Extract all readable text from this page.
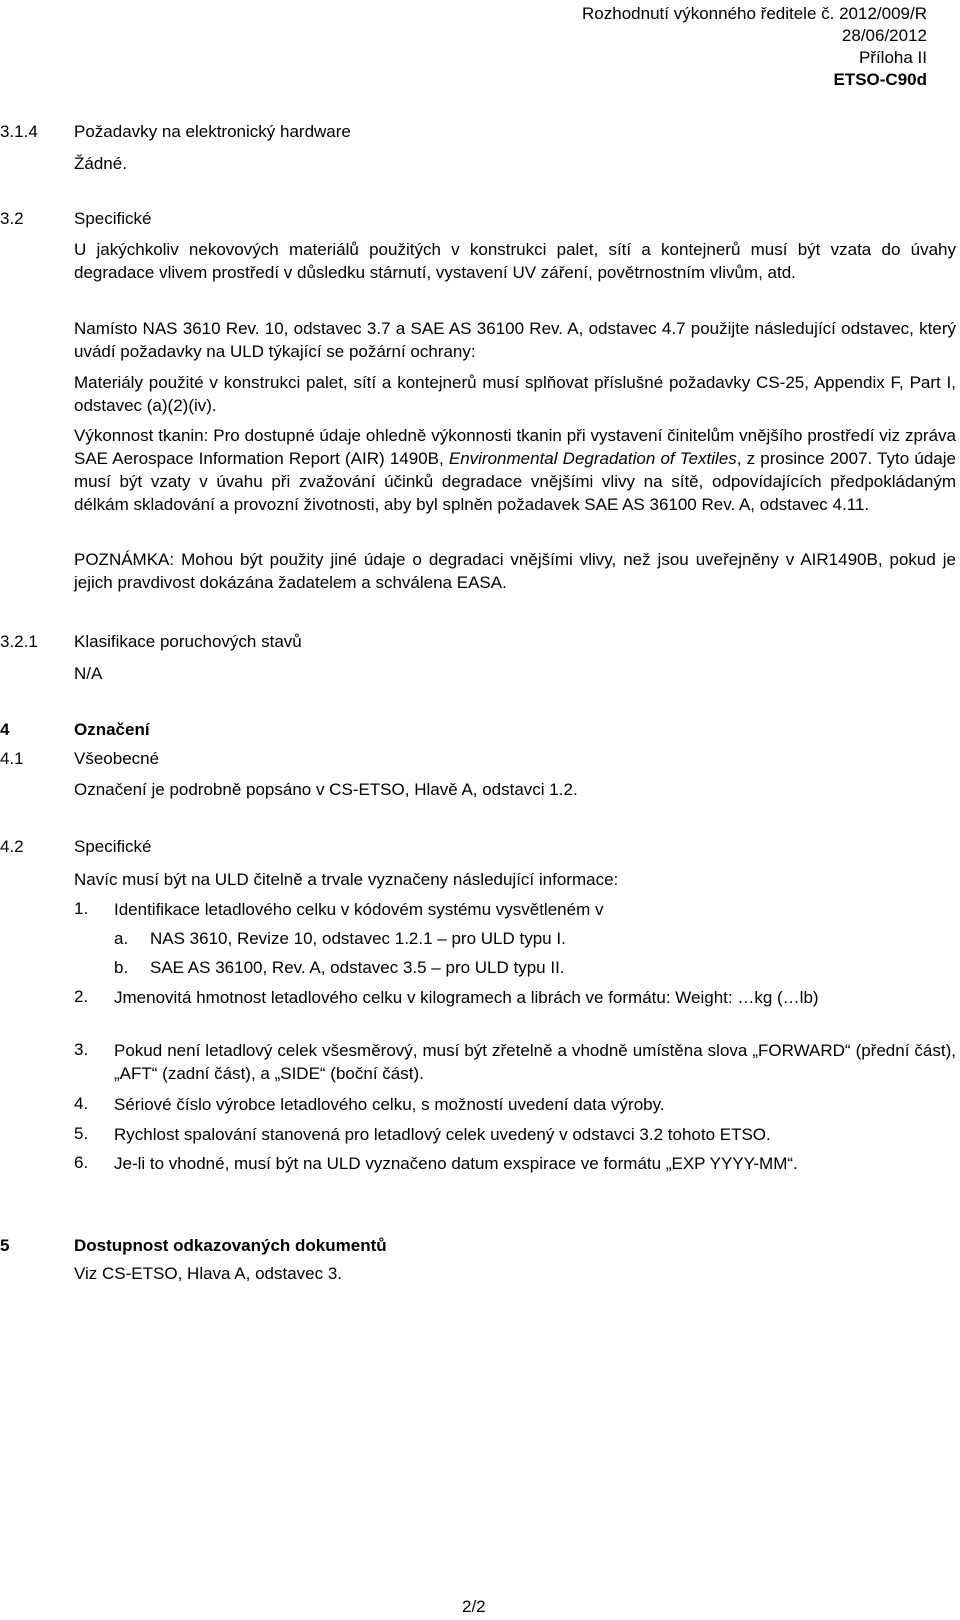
Rozhodnutí výkonného ředitele č. 2012/009/R
28/06/2012
Příloha II
ETSO-C90d
3.1.4 Požadavky na elektronický hardware
Žádné.
3.2	Specifické
U jakýchkoliv nekovových materiálů použitých v konstrukci palet, sítí a kontejnerů musí být vzata do úvahy degradace vlivem prostředí v důsledku stárnutí, vystavení UV záření, povětrnostním vlivům, atd.
Namísto NAS 3610 Rev. 10, odstavec 3.7 a SAE AS 36100 Rev. A, odstavec 4.7 použijte následující odstavec, který uvádí požadavky na ULD týkající se požární ochrany:
Materiály použité v konstrukci palet, sítí a kontejnerů musí splňovat příslušné požadavky CS-25, Appendix F, Part I, odstavec (a)(2)(iv).
Výkonnost tkanin: Pro dostupné údaje ohledně výkonnosti tkanin při vystavení činitelům vnějšího prostředí viz zpráva SAE Aerospace Information Report (AIR) 1490B, Environmental Degradation of Textiles, z prosince 2007. Tyto údaje musí být vzaty v úvahu při zvažování účinků degradace vnějšími vlivy na sítě, odpovídajících předpokládaným délkám skladování a provozní životnosti, aby byl splněn požadavek SAE AS 36100 Rev. A, odstavec 4.11.
POZNÁMKA: Mohou být použity jiné údaje o degradaci vnějšími vlivy, než jsou uveřejněny v AIR1490B, pokud je jejich pravdivost dokázána žadatelem a schválena EASA.
3.2.1 Klasifikace poruchových stavů
N/A
4	Označení
4.1	Všeobecné
Označení je podrobně popsáno v CS-ETSO, Hlavě A, odstavci 1.2.
4.2	Specifické
Navíc musí být na ULD čitelně a trvale vyznačeny následující informace:
1. Identifikace letadlového celku v kódovém systému vysvětleném v
a. NAS 3610, Revize 10, odstavec 1.2.1 – pro ULD typu I.
b. SAE AS 36100, Rev. A, odstavec 3.5 – pro ULD typu II.
2. Jmenovitá hmotnost letadlového celku v kilogramech a librách ve formátu: Weight: …kg (…lb)
3. Pokud není letadlový celek všesměrový, musí být zřetelně a vhodně umístěna slova „FORWARD“ (přední část), „AFT“ (zadní část), a „SIDE“ (boční část).
4. Sériové číslo výrobce letadlového celku, s možností uvedení data výroby.
5. Rychlost spalování stanovená pro letadlový celek uvedený v odstavci 3.2 tohoto ETSO.
6. Je-li to vhodné, musí být na ULD vyznačeno datum exspirace ve formátu „EXP YYYY-MM“.
5	Dostupnost odkazovaných dokumentů
Viz CS-ETSO, Hlava A, odstavec 3.
2/2
